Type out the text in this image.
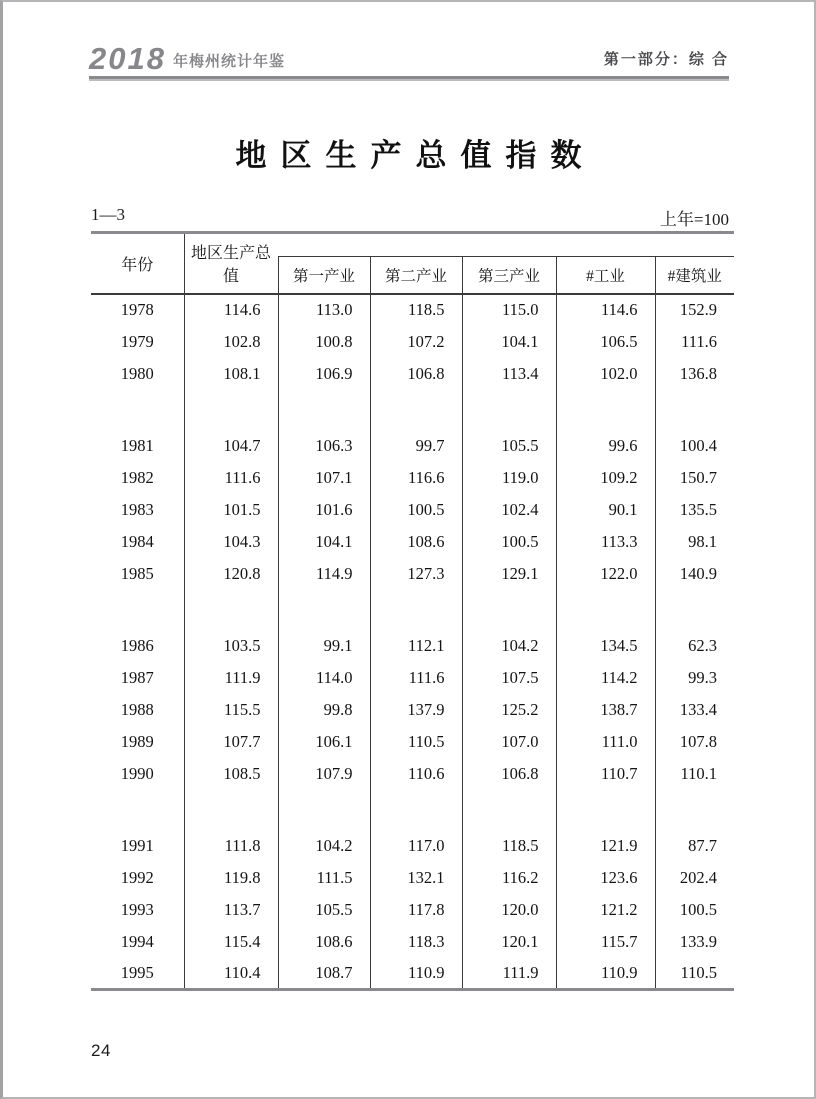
2018 年梅州统计年鉴	第一部分：综 合
地区生产总值指数
1—3	上年=100
年份	地区生产总值					
		第一产业	第二产业	第三产业	#工业	#建筑业
1978	114.6	113.0	118.5	115.0	114.6	152.9
1979	102.8	100.8	107.2	104.1	106.5	111.6
1980	108.1	106.9	106.8	113.4	102.0	136.8

1981	104.7	106.3	99.7	105.5	99.6	100.4
1982	111.6	107.1	116.6	119.0	109.2	150.7
1983	101.5	101.6	100.5	102.4	90.1	135.5
1984	104.3	104.1	108.6	100.5	113.3	98.1
1985	120.8	114.9	127.3	129.1	122.0	140.9

1986	103.5	99.1	112.1	104.2	134.5	62.3
1987	111.9	114.0	111.6	107.5	114.2	99.3
1988	115.5	99.8	137.9	125.2	138.7	133.4
1989	107.7	106.1	110.5	107.0	111.0	107.8
1990	108.5	107.9	110.6	106.8	110.7	110.1

1991	111.8	104.2	117.0	118.5	121.9	87.7
1992	119.8	111.5	132.1	116.2	123.6	202.4
1993	113.7	105.5	117.8	120.0	121.2	100.5
1994	115.4	108.6	118.3	120.1	115.7	133.9
1995	110.4	108.7	110.9	111.9	110.9	110.5
24
